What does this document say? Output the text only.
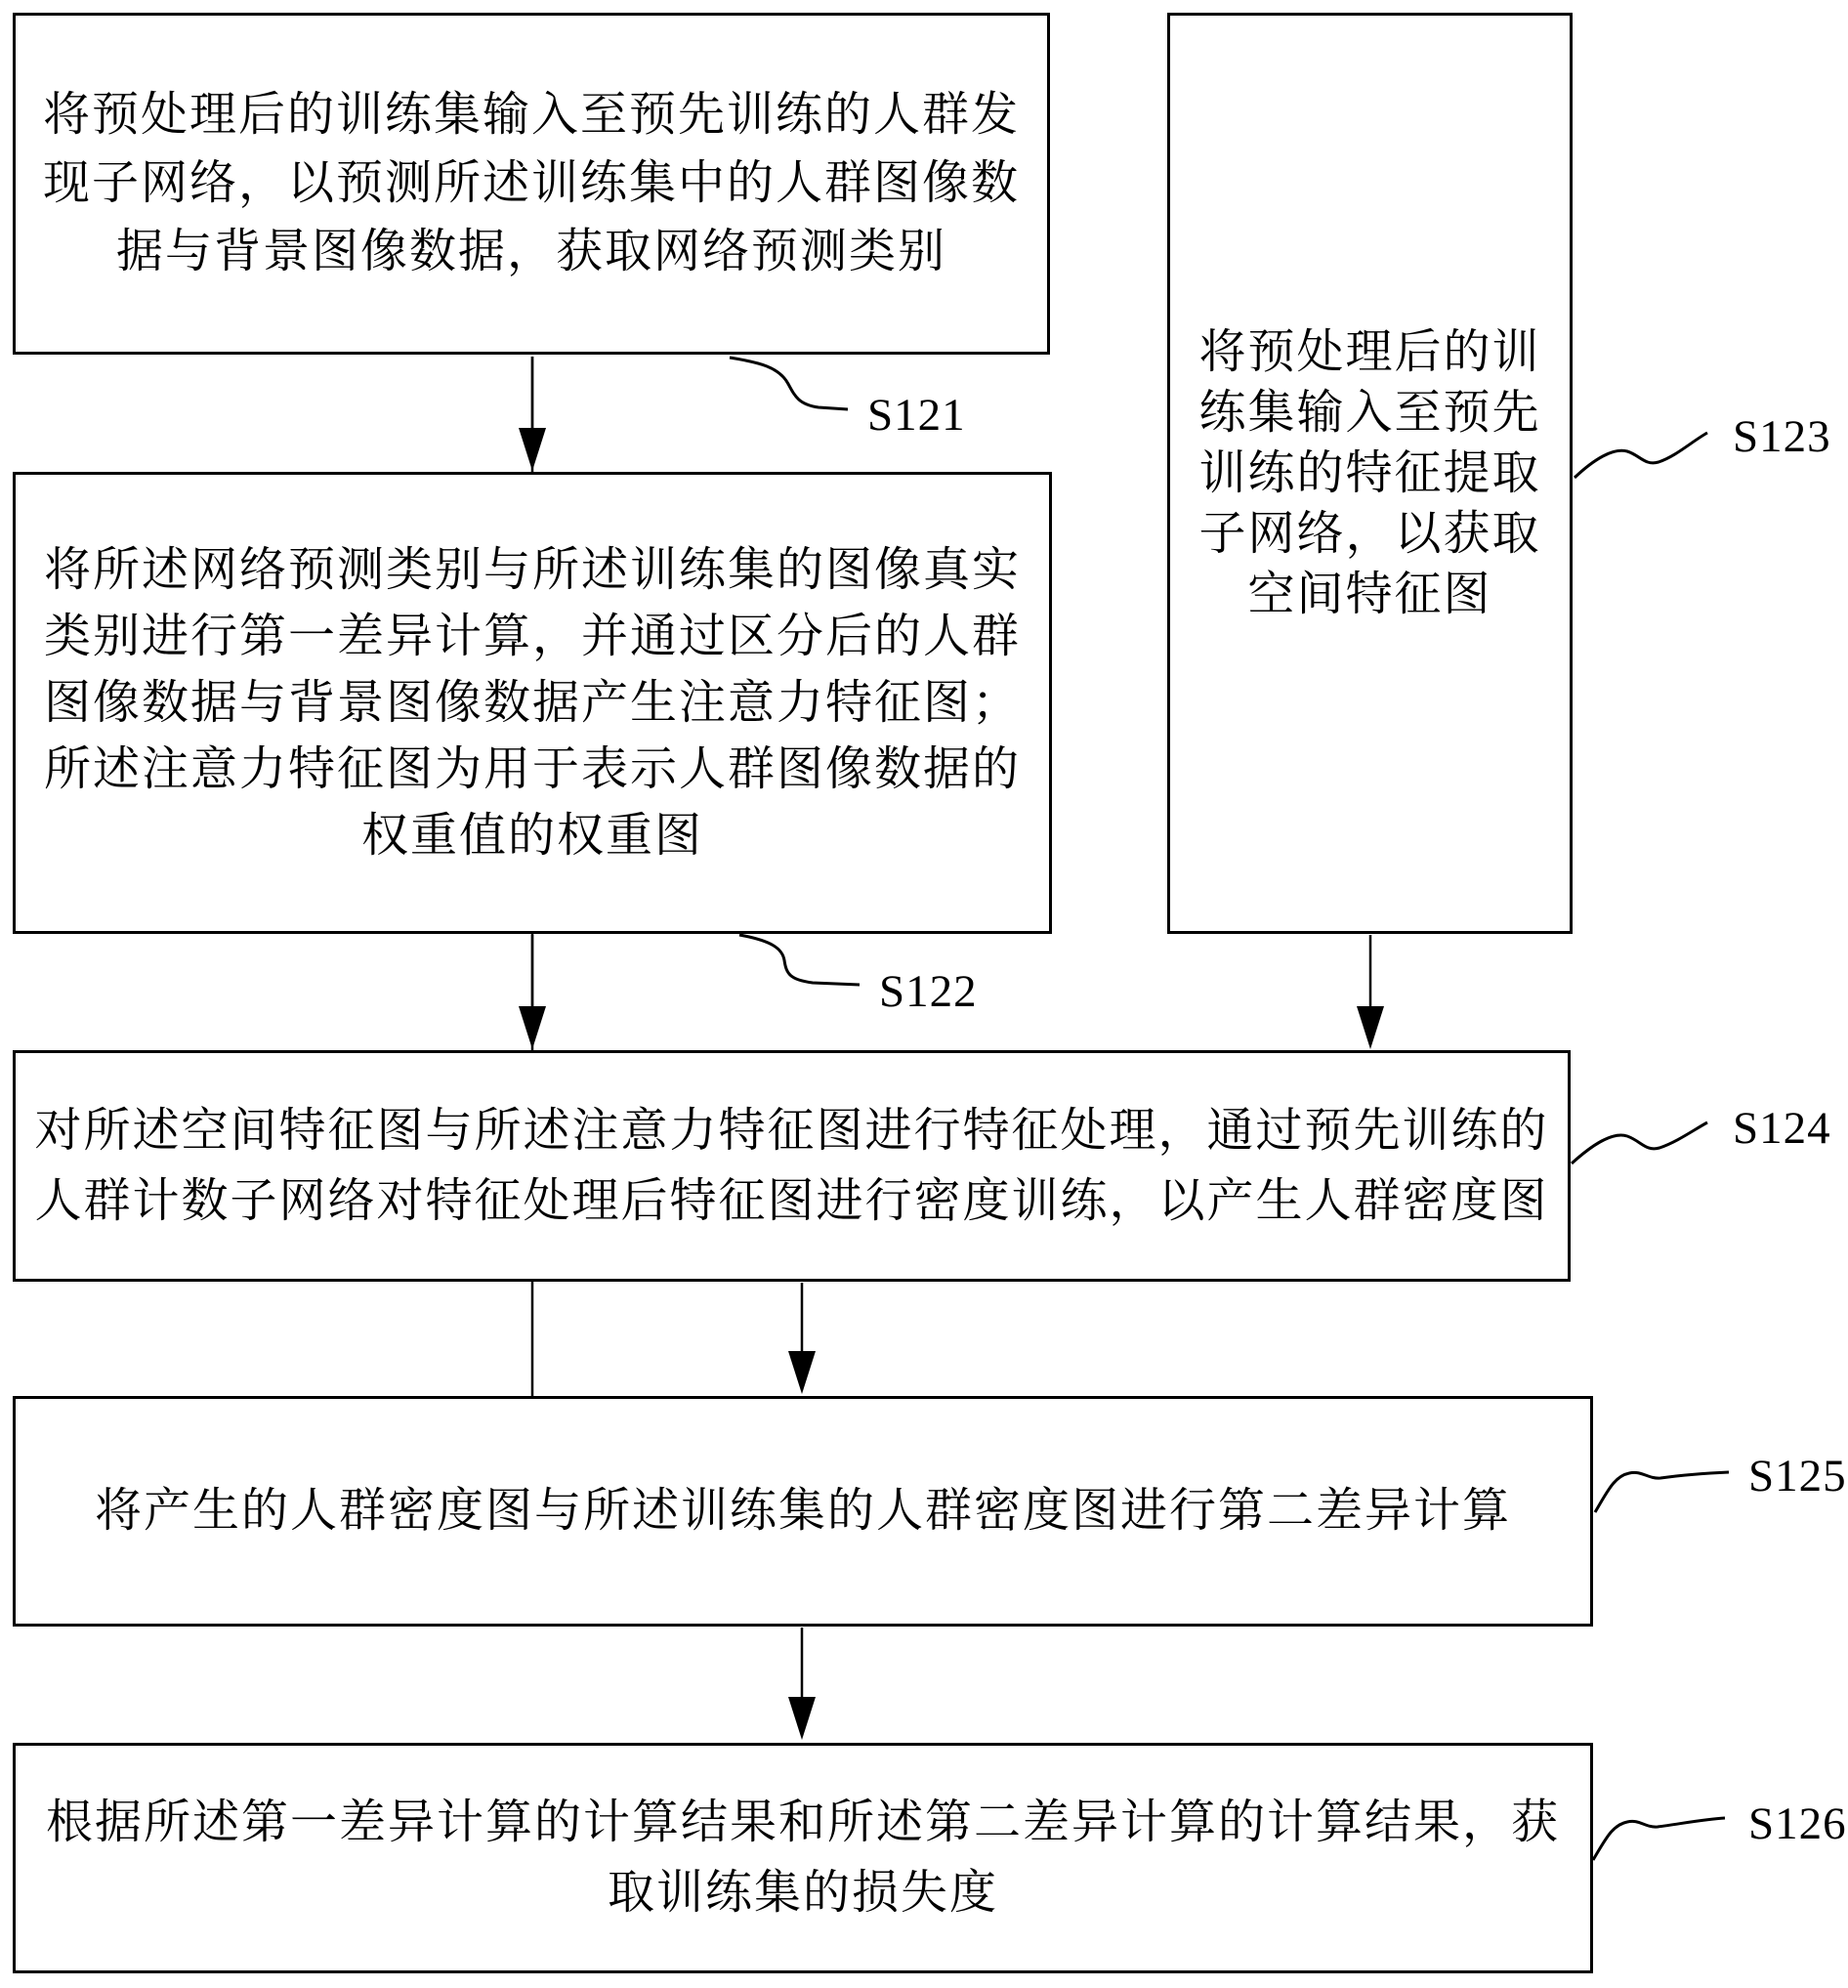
将预处理后的训练集输入至预先训练的人群发
现子网络，以预测所述训练集中的人群图像数
据与背景图像数据，获取网络预测类别
将所述网络预测类别与所述训练集的图像真实
类别进行第一差异计算，并通过区分后的人群
图像数据与背景图像数据产生注意力特征图；
所述注意力特征图为用于表示人群图像数据的
权重值的权重图
将预处理后的训
练集输入至预先
训练的特征提取
子网络，以获取
空间特征图
对所述空间特征图与所述注意力特征图进行特征处理，通过预先训练的
人群计数子网络对特征处理后特征图进行密度训练，以产生人群密度图
将产生的人群密度图与所述训练集的人群密度图进行第二差异计算
根据所述第一差异计算的计算结果和所述第二差异计算的计算结果，获
取训练集的损失度
S121
S122
S123
S124
S125
S126
